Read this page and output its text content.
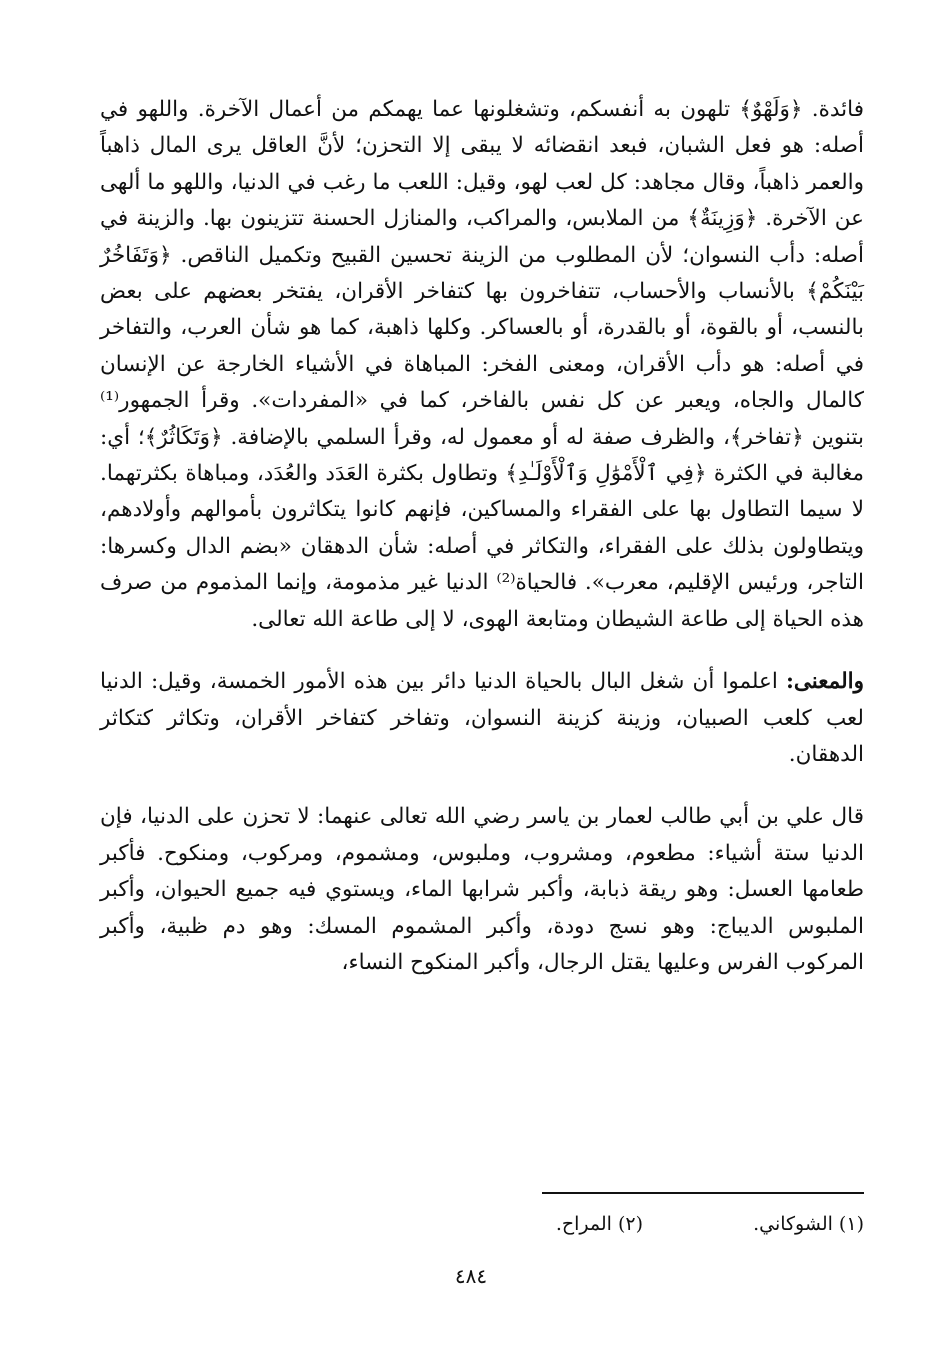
فائدة. ﴿وَلَهْوٌ﴾ تلهون به أنفسكم، وتشغلونها عما يهمكم من أعمال الآخرة. واللهو في أصله: هو فعل الشبان، فبعد انقضائه لا يبقى إلا التحزن؛ لأنَّ العاقل يرى المال ذاهباً والعمر ذاهباً، وقال مجاهد: كل لعب لهو، وقيل: اللعب ما رغب في الدنيا، واللهو ما ألهى عن الآخرة. ﴿وَزِينَةٌ﴾ من الملابس، والمراكب، والمنازل الحسنة تتزينون بها. والزينة في أصله: دأب النسوان؛ لأن المطلوب من الزينة تحسين القبيح وتكميل الناقص. ﴿وَتَفَاخُرٌ بَيْنَكُمْ﴾ بالأنساب والأحساب، تتفاخرون بها كتفاخر الأقران، يفتخر بعضهم على بعض بالنسب، أو بالقوة، أو بالقدرة، أو بالعساكر. وكلها ذاهبة، كما هو شأن العرب، والتفاخر في أصله: هو دأب الأقران، ومعنى الفخر: المباهاة في الأشياء الخارجة عن الإنسان كالمال والجاه، ويعبر عن كل نفس بالفاخر، كما في «المفردات». وقرأ الجمهور⁽¹⁾ بتنوين ﴿تفاخر﴾، والظرف صفة له أو معمول له، وقرأ السلمي بالإضافة. ﴿وَتَكَاثُرٌ﴾؛ أي: مغالبة في الكثرة ﴿فِي ٱلْأَمْوَٰلِ وَٱلْأَوْلَـٰدِ﴾ وتطاول بكثرة العَدَد والعُدَد، ومباهاة بكثرتهما. لا سيما التطاول بها على الفقراء والمساكين، فإنهم كانوا يتكاثرون بأموالهم وأولادهم، ويتطاولون بذلك على الفقراء، والتكاثر في أصله: شأن الدهقان «بضم الدال وكسرها: التاجر، ورئيس الإقليم، معرب». فالحياة⁽²⁾ الدنيا غير مذمومة، وإنما المذموم من صرف هذه الحياة إلى طاعة الشيطان ومتابعة الهوى، لا إلى طاعة الله تعالى.

والمعنى: اعلموا أن شغل البال بالحياة الدنيا دائر بين هذه الأمور الخمسة، وقيل: الدنيا لعب كلعب الصبيان، وزينة كزينة النسوان، وتفاخر كتفاخر الأقران، وتكاثر كتكاثر الدهقان.

قال علي بن أبي طالب لعمار بن ياسر رضي الله تعالى عنهما: لا تحزن على الدنيا، فإن الدنيا ستة أشياء: مطعوم، ومشروب، وملبوس، ومشموم، ومركوب، ومنكوح. فأكبر طعامها العسل: وهو ريقة ذبابة، وأكبر شرابها الماء، ويستوي فيه جميع الحيوان، وأكبر الملبوس الديباج: وهو نسج دودة، وأكبر المشموم المسك: وهو دم ظبية، وأكبر المركوب الفرس وعليها يقتل الرجال، وأكبر المنكوح النساء،

(١) الشوكاني.
(٢) المراح.
٤٨٤
